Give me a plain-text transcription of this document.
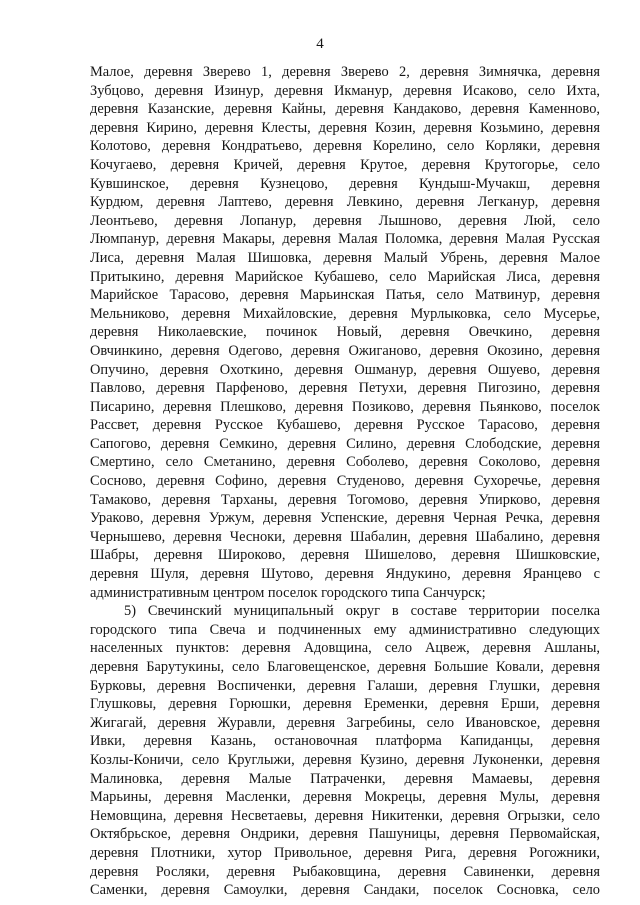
4
Малое, деревня Зверево 1, деревня Зверево 2, деревня Зимнячка, деревня
Зубцово, деревня Изинур, деревня Икманур, деревня Исаково, село Ихта,
деревня Казанские, деревня Кайны, деревня Кандаково, деревня Каменново,
деревня Кирино, деревня Клесты, деревня Козин, деревня Козьмино, деревня
Колотово, деревня Кондратьево, деревня Корелино, село Корляки, деревня
Кочугаево, деревня Кричей, деревня Крутое, деревня Крутогорье, село
Кувшинское, деревня Кузнецово, деревня Кундыш-Мучакш, деревня
Курдюм, деревня Лаптево, деревня Левкино, деревня Легканур, деревня
Леонтьево, деревня Лопанур, деревня Лышново, деревня Люй, село
Люмпанур, деревня Макары, деревня Малая Поломка, деревня Малая Русская
Лиса, деревня Малая Шишовка, деревня Малый Убрень, деревня Малое
Притыкино, деревня Марийское Кубашево, село Марийская Лиса, деревня
Марийское Тарасово, деревня Марьинская Патья, село Матвинур, деревня
Мельниково, деревня Михайловские, деревня Мурлыковка, село Мусерье,
деревня Николаевские, починок Новый, деревня Овечкино, деревня
Овчинкино, деревня Одегово, деревня Ожиганово, деревня Окозино, деревня
Опучино, деревня Охоткино, деревня Ошманур, деревня Ошуево, деревня
Павлово, деревня Парфеново, деревня Петухи, деревня Пигозино, деревня
Писарино, деревня Плешково, деревня Позиково, деревня Пьянково, поселок
Рассвет, деревня Русское Кубашево, деревня Русское Тарасово, деревня
Сапогово, деревня Семкино, деревня Силино, деревня Слободские, деревня
Смертино, село Сметанино, деревня Соболево, деревня Соколово, деревня
Сосново, деревня Софино, деревня Студеново, деревня Сухоречье, деревня
Тамаково, деревня Тарханы, деревня Тогомово, деревня Упирково, деревня
Ураково, деревня Уржум, деревня Успенские, деревня Черная Речка, деревня
Чернышево, деревня Чесноки, деревня Шабалин, деревня Шабалино, деревня
Шабры, деревня Широково, деревня Шишелово, деревня Шишковские,
деревня Шуля, деревня Шутово, деревня Яндукино, деревня Яранцево с
административным центром поселок городского типа Санчурск;
5) Свечинский муниципальный округ в составе территории поселка
городского типа Свеча и подчиненных ему административно следующих
населенных пунктов: деревня Адовщина, село Ацвеж, деревня Ашланы,
деревня Барутукины, село Благовещенское, деревня Большие Ковали, деревня
Бурковы, деревня Воспиченки, деревня Галаши, деревня Глушки, деревня
Глушковы, деревня Горюшки, деревня Еременки, деревня Ерши, деревня
Жигагай, деревня Журавли, деревня Загребины, село Ивановское, деревня
Ивки, деревня Казань, остановочная платформа Капиданцы, деревня
Козлы-Коничи, село Круглыжи, деревня Кузино, деревня Луконенки, деревня
Малиновка, деревня Малые Патраченки, деревня Мамаевы, деревня
Марьины, деревня Масленки, деревня Мокрецы, деревня Мулы, деревня
Немовщина, деревня Несветаевы, деревня Никитенки, деревня Огрызки, село
Октябрьское, деревня Ондрики, деревня Пашуницы, деревня Первомайская,
деревня Плотники, хутор Привольное, деревня Рига, деревня Рогожники,
деревня Росляки, деревня Рыбаковщина, деревня Савиненки, деревня
Саменки, деревня Самоулки, деревня Сандаки, поселок Сосновка, село
